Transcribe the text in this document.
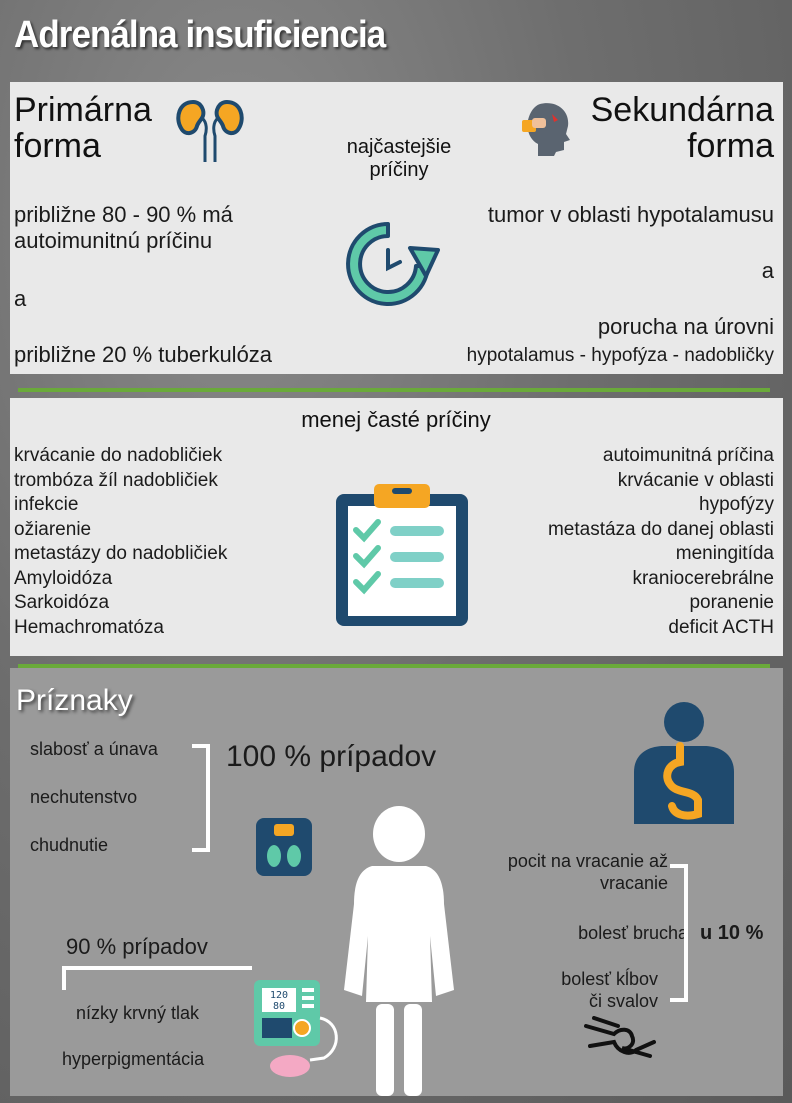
Adrenálna insuficiencia
Primárna
forma	najčastejšie
príčiny
Sekundárna
forma
približne 80 - 90 % má
autoimunitnú príčinu
a
približne 20 % tuberkulóza
tumor v oblasti hypotalamusu
a
porucha na úrovni
hypotalamus - hypofýza - nadobličky
menej časté príčiny
krvácanie do nadobličiek
trombóza žíl nadobličiek
infekcie
ožiarenie
metastázy do nadobličiek
Amyloidóza
Sarkoidóza
Hemachromatóza
autoimunitná príčina
krvácanie v oblasti
hypofýzy
metastáza do danej oblasti
meningitída
kraniocerebrálne
poranenie
deficit ACTH
Príznaky
slabosť a únava
nechutenstvo
chudnutie
100 % prípadov
90 % prípadov
nízky krvný tlak
hyperpigmentácia
120
80
pocit na vracanie až
vracanie
bolesť brucha
bolesť kĺbov
či svalov
u 10 %
